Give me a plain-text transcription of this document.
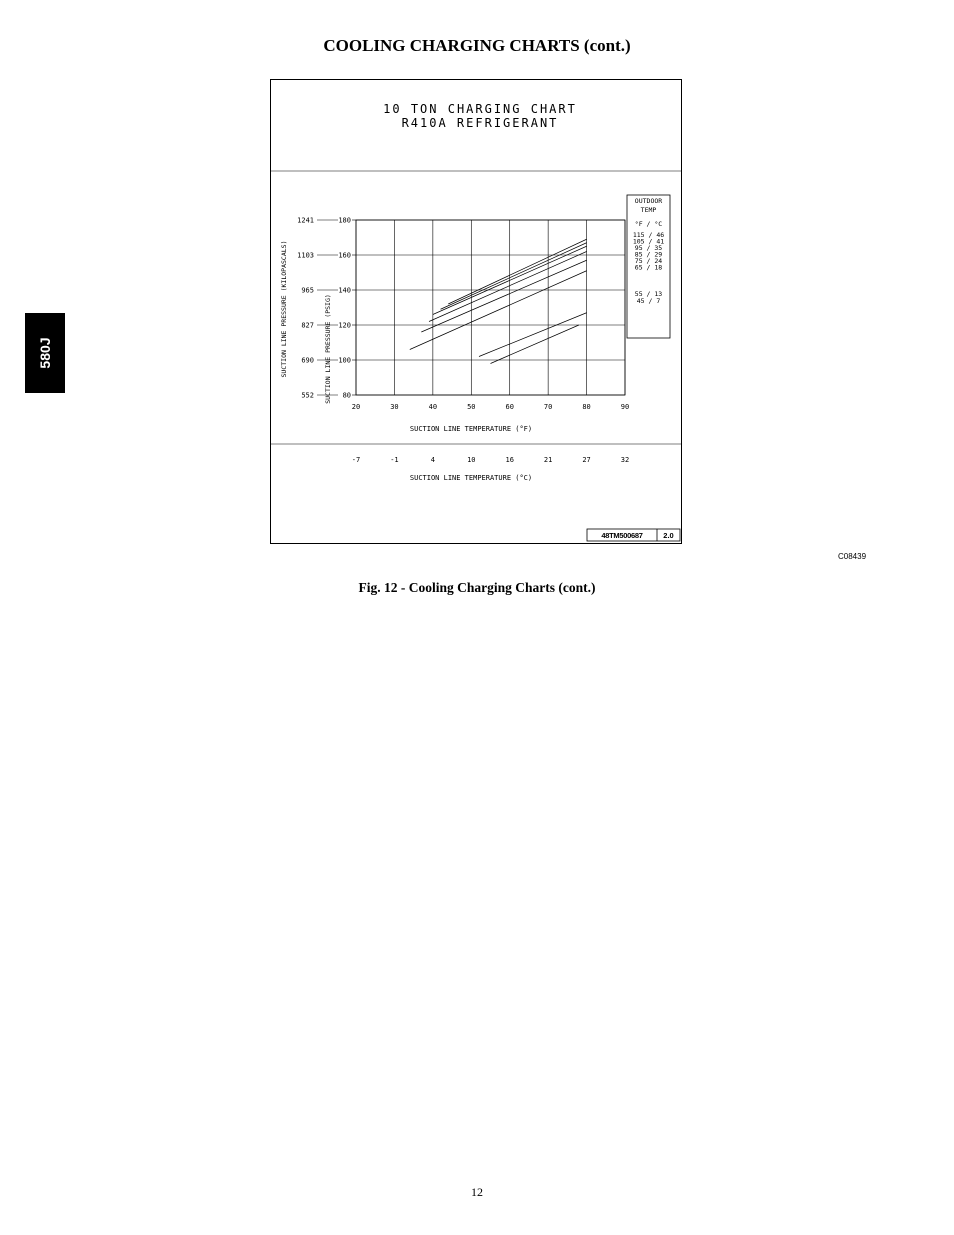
COOLING CHARGING CHARTS (cont.)
580J
10 TON CHARGING CHART
R410A REFRIGERANT
20
-7
30
-1
40
4
50
10
60
16
70
21
80
27
90
32
80
552
100
690
120
827
140
965
160
1103
180
1241
SUCTION LINE PRESSURE (PSIG)
SUCTION LINE PRESSURE (KILOPASCALS)
SUCTION LINE TEMPERATURE (°F)
SUCTION LINE TEMPERATURE (°C)
OUTDOOR
TEMP
°F / °C
115 / 46
105 / 41
95 / 35
85 / 29
75 / 24
65 / 18
55 / 13
45 / 7
48TM500687	2.0
C08439
Fig. 12 - Cooling Charging Charts (cont.)
12
